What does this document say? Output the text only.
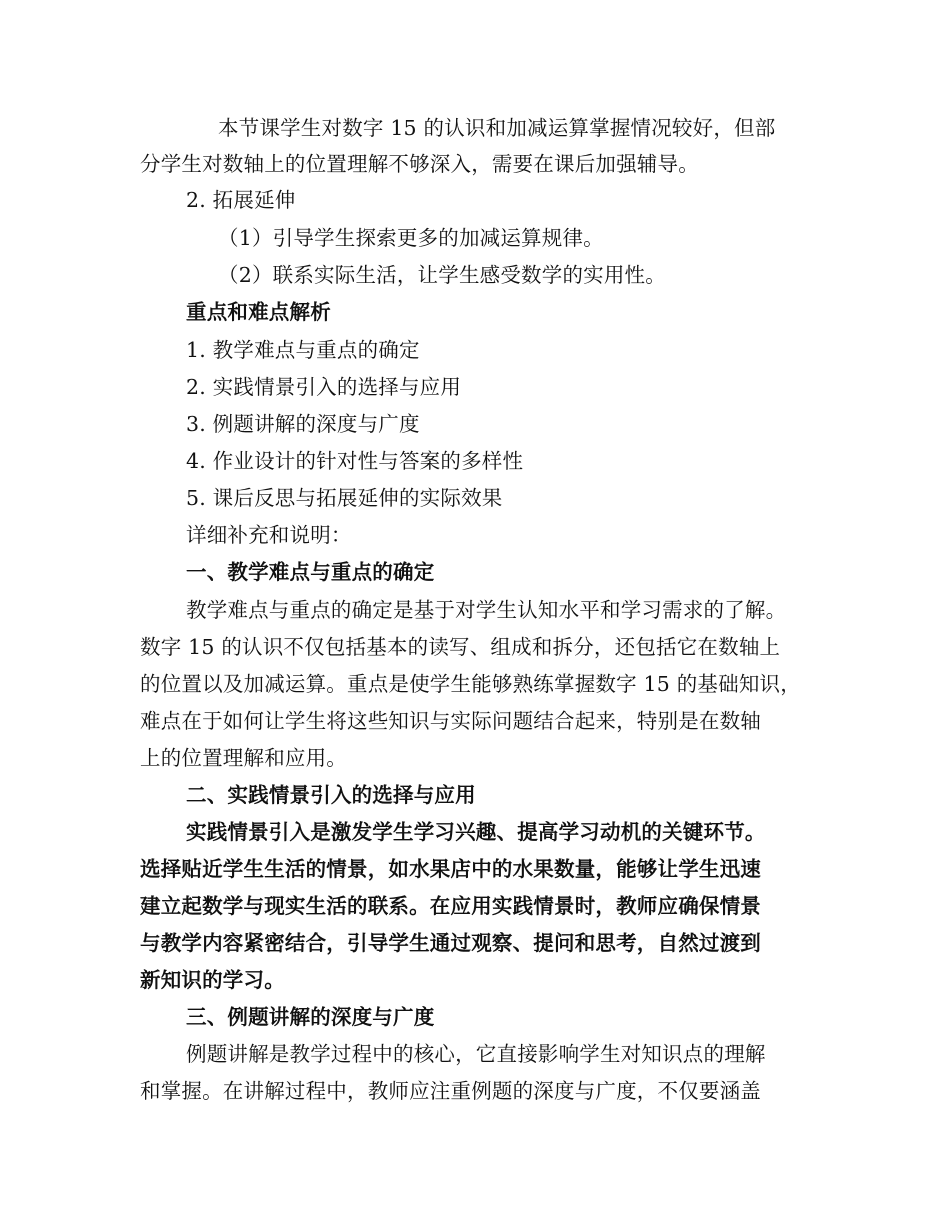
本节课学生对数字 15 的认识和加减运算掌握情况较好，但部
分学生对数轴上的位置理解不够深入，需要在课后加强辅导。
2. 拓展延伸
（1）引导学生探索更多的加减运算规律。
（2）联系实际生活，让学生感受数学的实用性。
重点和难点解析
1. 教学难点与重点的确定
2. 实践情景引入的选择与应用
3. 例题讲解的深度与广度
4. 作业设计的针对性与答案的多样性
5. 课后反思与拓展延伸的实际效果
详细补充和说明：
一、教学难点与重点的确定
教学难点与重点的确定是基于对学生认知水平和学习需求的了解。
数字 15 的认识不仅包括基本的读写、组成和拆分，还包括它在数轴上
的位置以及加减运算。重点是使学生能够熟练掌握数字 15 的基础知识，
难点在于如何让学生将这些知识与实际问题结合起来，特别是在数轴
上的位置理解和应用。
二、实践情景引入的选择与应用
实践情景引入是激发学生学习兴趣、提高学习动机的关键环节。
选择贴近学生生活的情景，如水果店中的水果数量，能够让学生迅速
建立起数学与现实生活的联系。在应用实践情景时，教师应确保情景
与教学内容紧密结合，引导学生通过观察、提问和思考，自然过渡到
新知识的学习。
三、例题讲解的深度与广度
例题讲解是教学过程中的核心，它直接影响学生对知识点的理解
和掌握。在讲解过程中，教师应注重例题的深度与广度，不仅要涵盖
